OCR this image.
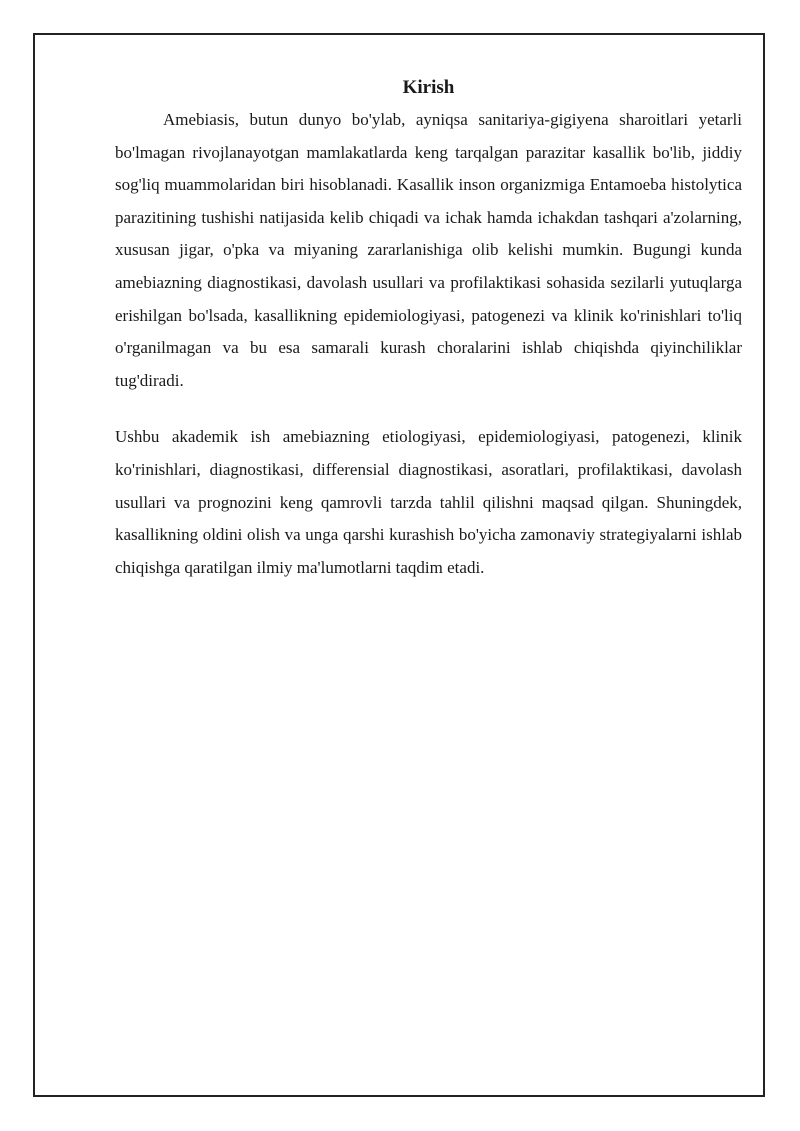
Kirish

Amebiasis, butun dunyo bo'ylab, ayniqsa sanitariya-gigiyena sharoitlari yetarli bo'lmagan rivojlanayotgan mamlakatlarda keng tarqalgan parazitar kasallik bo'lib, jiddiy sog'liq muammolaridan biri hisoblanadi. Kasallik inson organizmiga Entamoeba histolytica parazitining tushishi natijasida kelib chiqadi va ichak hamda ichakdan tashqari a'zolarning, xususan jigar, o'pka va miyaning zararlanishiga olib kelishi mumkin. Bugungi kunda amebiazning diagnostikasi, davolash usullari va profilaktikasi sohasida sezilarli yutuqlarga erishilgan bo'lsada, kasallikning epidemiologiyasi, patogenezi va klinik ko'rinishlari to'liq o'rganilmagan va bu esa samarali kurash choralarini ishlab chiqishda qiyinchiliklar tug'diradi.

Ushbu akademik ish amebiazning etiologiyasi, epidemiologiyasi, patogenezi, klinik ko'rinishlari, diagnostikasi, differensial diagnostikasi, asoratlari, profilaktikasi, davolash usullari va prognozini keng qamrovli tarzda tahlil qilishni maqsad qilgan. Shuningdek, kasallikning oldini olish va unga qarshi kurashish bo'yicha zamonaviy strategiyalarni ishlab chiqishga qaratilgan ilmiy ma'lumotlarni taqdim etadi.
